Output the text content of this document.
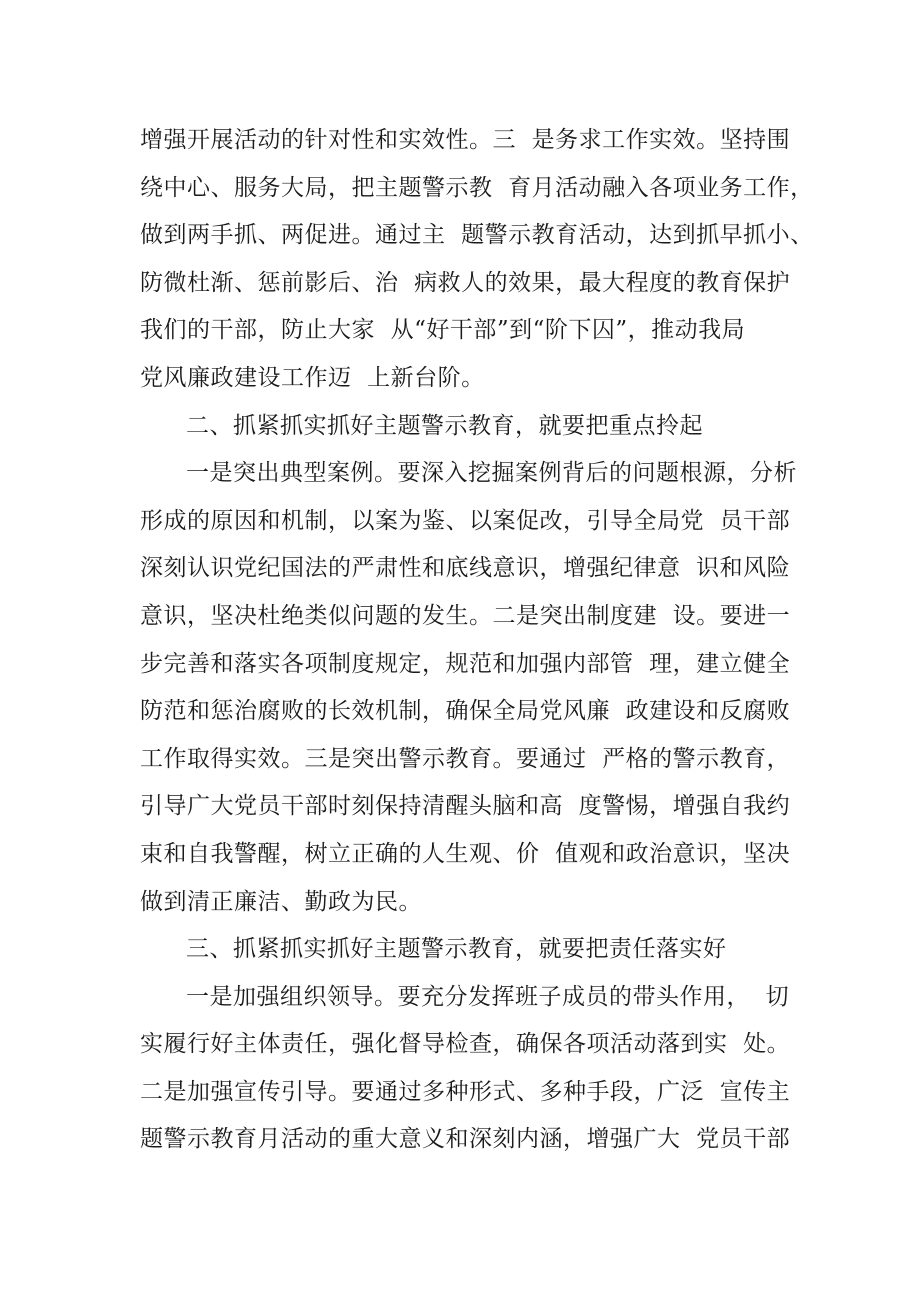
增强开展活动的针对性和实效性。三  是务求工作实效。坚持围
绕中心、服务大局，把主题警示教  育月活动融入各项业务工作，
做到两手抓、两促进。通过主  题警示教育活动，达到抓早抓小、
防微杜渐、惩前影后、治  病救人的效果，最大程度的教育保护
我们的干部，防止大家  从“好干部”到“阶下囚”，推动我局
党风廉政建设工作迈  上新台阶。
二、抓紧抓实抓好主题警示教育，就要把重点拎起
一是突出典型案例。要深入挖掘案例背后的问题根源，分析
形成的原因和机制，以案为鉴、以案促改，引导全局党  员干部
深刻认识党纪国法的严肃性和底线意识，增强纪律意  识和风险
意识，坚决杜绝类似问题的发生。二是突出制度建  设。要进一
步完善和落实各项制度规定，规范和加强内部管  理，建立健全
防范和惩治腐败的长效机制，确保全局党风廉  政建设和反腐败
工作取得实效。三是突出警示教育。要通过  严格的警示教育，
引导广大党员干部时刻保持清醒头脑和高  度警惕，增强自我约
束和自我警醒，树立正确的人生观、价  值观和政治意识，坚决
做到清正廉洁、勤政为民。
三、抓紧抓实抓好主题警示教育，就要把责任落实好
一是加强组织领导。要充分发挥班子成员的带头作用，  切
实履行好主体责任，强化督导检查，确保各项活动落到实  处。
二是加强宣传引导。要通过多种形式、多种手段，广泛  宣传主
题警示教育月活动的重大意义和深刻内涵，增强广大  党员干部
